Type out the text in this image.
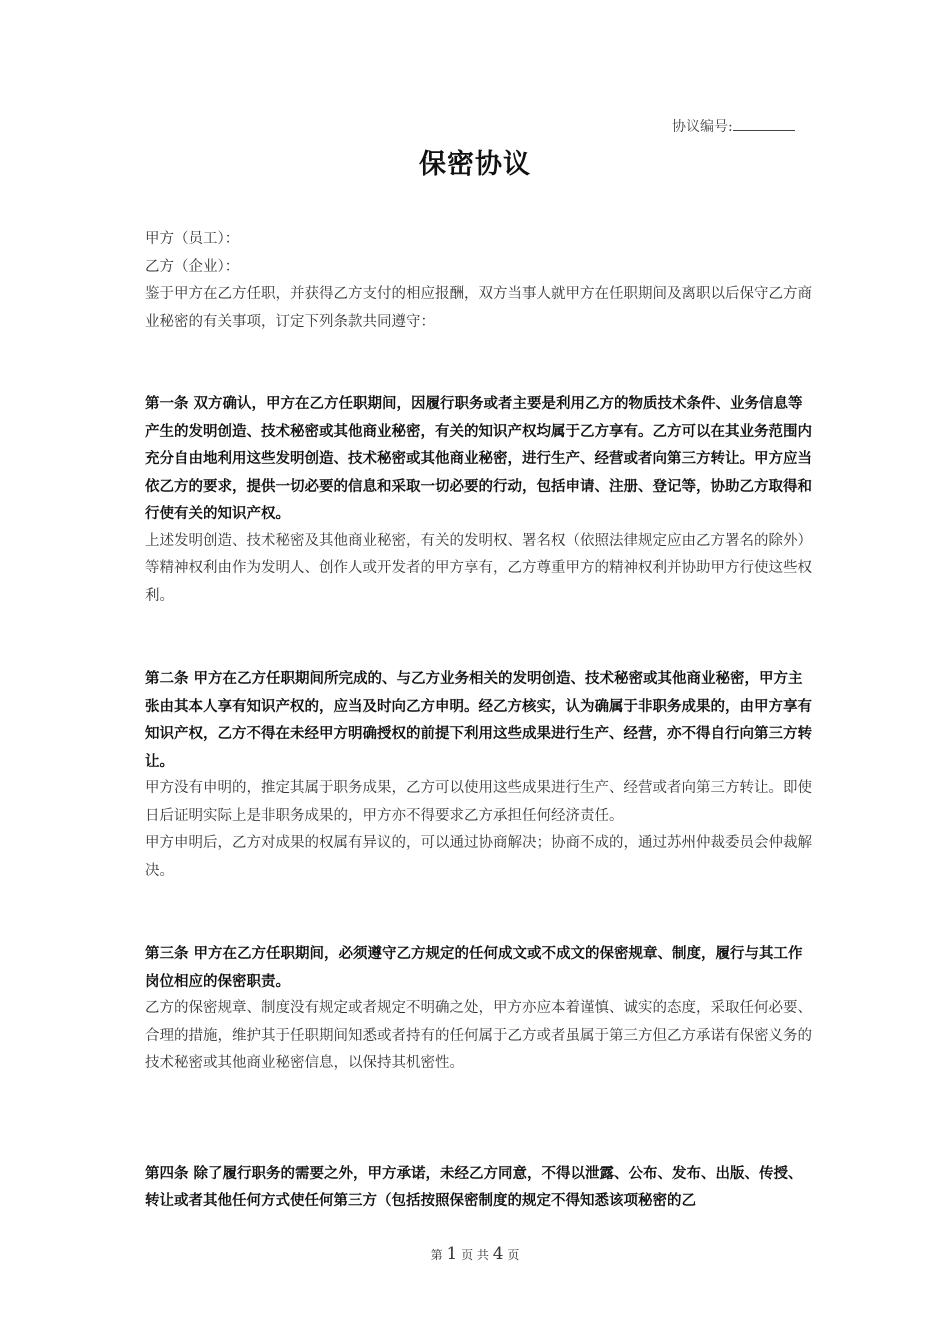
协议编号:
保密协议

甲方（员工）：

乙方（企业）：

鉴于甲方在乙方任职，并获得乙方支付的相应报酬，双方当事人就甲方在任职期间及离职以后保守乙方商业秘密的有关事项，订定下列条款共同遵守：

第一条 双方确认，甲方在乙方任职期间，因履行职务或者主要是利用乙方的物质技术条件、业务信息等产生的发明创造、技术秘密或其他商业秘密，有关的知识产权均属于乙方享有。乙方可以在其业务范围内充分自由地利用这些发明创造、技术秘密或其他商业秘密，进行生产、经营或者向第三方转让。甲方应当依乙方的要求，提供一切必要的信息和采取一切必要的行动，包括申请、注册、登记等，协助乙方取得和行使有关的知识产权。

上述发明创造、技术秘密及其他商业秘密，有关的发明权、署名权（依照法律规定应由乙方署名的除外）等精神权利由作为发明人、创作人或开发者的甲方享有，乙方尊重甲方的精神权利并协助甲方行使这些权利。

第二条 甲方在乙方任职期间所完成的、与乙方业务相关的发明创造、技术秘密或其他商业秘密，甲方主张由其本人享有知识产权的，应当及时向乙方申明。经乙方核实，认为确属于非职务成果的，由甲方享有知识产权，乙方不得在未经甲方明确授权的前提下利用这些成果进行生产、经营，亦不得自行向第三方转让。

甲方没有申明的，推定其属于职务成果，乙方可以使用这些成果进行生产、经营或者向第三方转让。即使日后证明实际上是非职务成果的，甲方亦不得要求乙方承担任何经济责任。

甲方申明后，乙方对成果的权属有异议的，可以通过协商解决；协商不成的，通过苏州仲裁委员会仲裁解决。

第三条 甲方在乙方任职期间，必须遵守乙方规定的任何成文或不成文的保密规章、制度，履行与其工作岗位相应的保密职责。

乙方的保密规章、制度没有规定或者规定不明确之处，甲方亦应本着谨慎、诚实的态度，采取任何必要、合理的措施，维护其于任职期间知悉或者持有的任何属于乙方或者虽属于第三方但乙方承诺有保密义务的技术秘密或其他商业秘密信息，以保持其机密性。

第四条 除了履行职务的需要之外，甲方承诺，未经乙方同意，不得以泄露、公布、发布、出版、传授、转让或者其他任何方式使任何第三方（包括按照保密制度的规定不得知悉该项秘密的乙

第 1 页 共 4 页
